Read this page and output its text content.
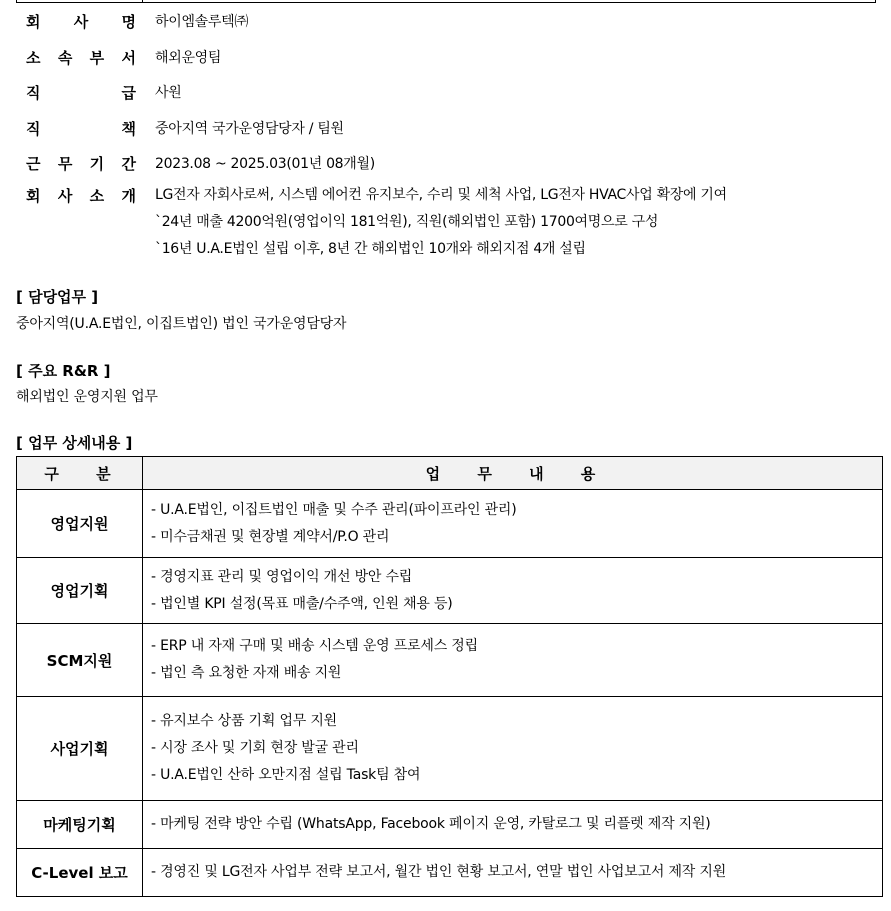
회 사 명 하이엠솔루텍㈜
소 속 부 서 해외운영팀
직	급 사원
직	책 중아지역 국가운영담당자 / 팀원
근 무 기 간 2023.08 ~ 2025.03(01년 08개월)
회 사 소 개 LG전자 자회사로써, 시스템 에어컨 유지보수, 수리 및 세척 사업, LG전자 HVAC사업 확장에 기여
`24년 매출 4200억원(영업이익 181억원), 직원(해외법인 포함) 1700여명으로 구성
`16년 U.A.E법인 설립 이후, 8년 간 해외법인 10개와 해외지점 4개 설립
[ 담당업무 ]
중아지역(U.A.E법인, 이집트법인) 법인 국가운영담당자
[ 주요 R&R ]
해외법인 운영지원 업무
[ 업무 상세내용 ]
구 분	업 무 내 용
영업지원	- U.A.E법인, 이집트법인 매출 및 수주 관리(파이프라인 관리)
- 미수금채권 및 현장별 계약서/P.O 관리

영업기획	- 경영지표 관리 및 영업이익 개선 방안 수립
- 법인별 KPI 설정(목표 매출/수주액, 인원 채용 등)

SCM지원	- ERP 내 자재 구매 및 배송 시스템 운영 프로세스 정립
- 법인 측 요청한 자재 배송 지원

사업기획	- 유지보수 상품 기획 업무 지원
- 시장 조사 및 기회 현장 발굴 관리
- U.A.E법인 산하 오만지점 설립 Task팀 참여

마케팅기획	- 마케팅 전략 방안 수립 (WhatsApp, Facebook 페이지 운영, 카탈로그 및 리플렛 제작 지원)

C-Level 보고	- 경영진 및 LG전자 사업부 전략 보고서, 월간 법인 현황 보고서, 연말 법인 사업보고서 제작 지원
